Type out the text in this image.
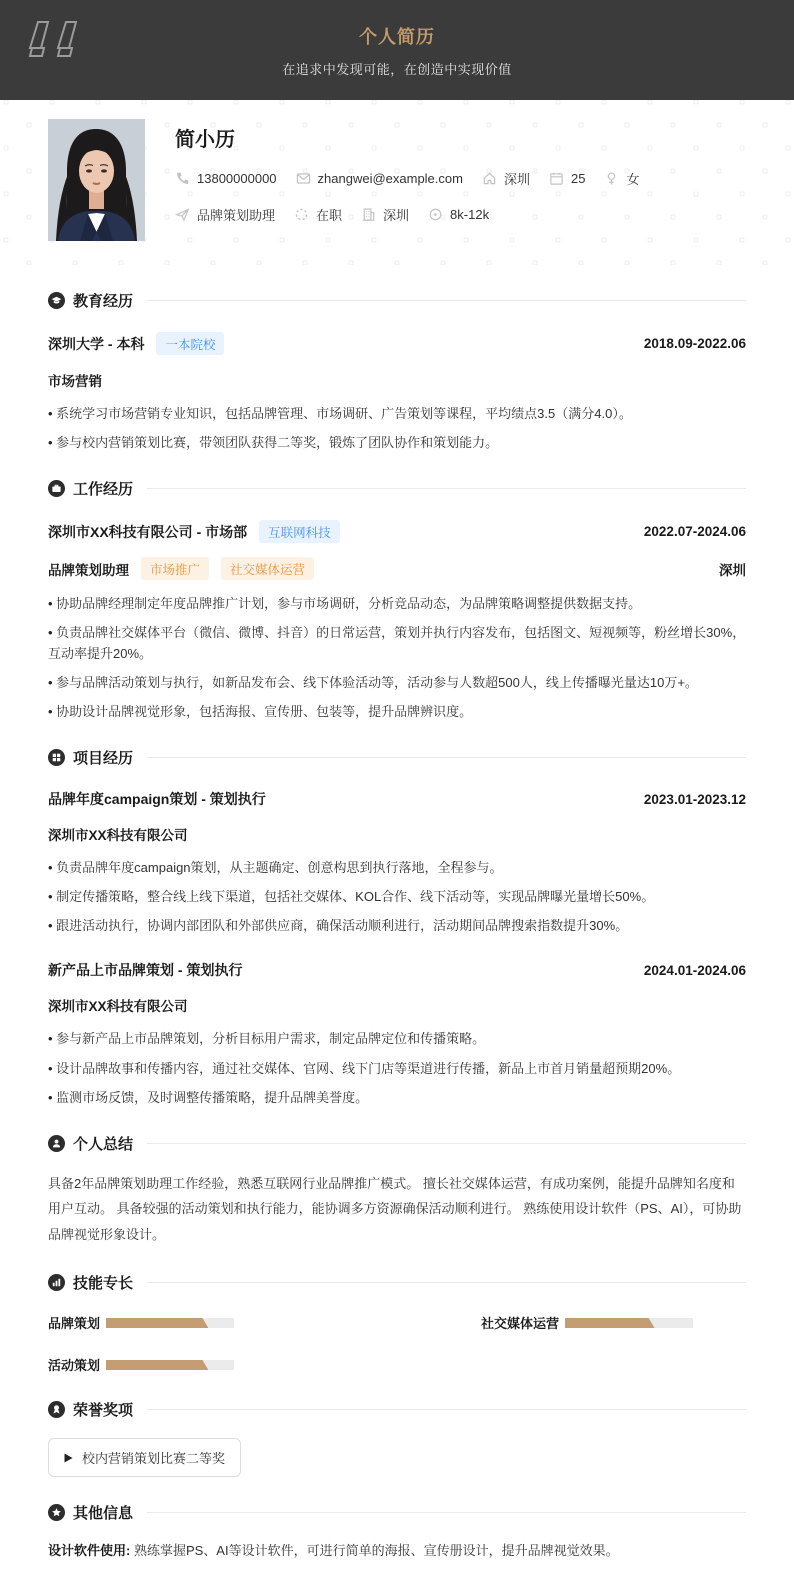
个人简历

在追求中发现可能，在创造中实现价值

简小历
13800000000	zhangwei@example.com	深圳	25	女
品牌策划助理	在职	深圳	8k-12k
教育经历
深圳大学 - 本科	一本院校	2018.09-2022.06
市场营销
• 系统学习市场营销专业知识，包括品牌管理、市场调研、广告策划等课程，平均绩点3.5（满分4.0）。
• 参与校内营销策划比赛，带领团队获得二等奖，锻炼了团队协作和策划能力。
工作经历
深圳市XX科技有限公司 - 市场部	互联网科技	2022.07-2024.06
品牌策划助理	市场推广	社交媒体运营	深圳
• 协助品牌经理制定年度品牌推广计划，参与市场调研，分析竞品动态，为品牌策略调整提供数据支持。
• 负责品牌社交媒体平台（微信、微博、抖音）的日常运营，策划并执行内容发布，包括图文、短视频等，粉丝增长30%，互动率提升20%。
• 参与品牌活动策划与执行，如新品发布会、线下体验活动等，活动参与人数超500人，线上传播曝光量达10万+。
• 协助设计品牌视觉形象，包括海报、宣传册、包装等，提升品牌辨识度。
项目经历
品牌年度campaign策划 - 策划执行	2023.01-2023.12
深圳市XX科技有限公司
• 负责品牌年度campaign策划，从主题确定、创意构思到执行落地，全程参与。
• 制定传播策略，整合线上线下渠道，包括社交媒体、KOL合作、线下活动等，实现品牌曝光量增长50%。
• 跟进活动执行，协调内部团队和外部供应商，确保活动顺利进行，活动期间品牌搜索指数提升30%。
新产品上市品牌策划 - 策划执行	2024.01-2024.06
深圳市XX科技有限公司
• 参与新产品上市品牌策划，分析目标用户需求，制定品牌定位和传播策略。
• 设计品牌故事和传播内容，通过社交媒体、官网、线下门店等渠道进行传播，新品上市首月销量超预期20%。
• 监测市场反馈，及时调整传播策略，提升品牌美誉度。
个人总结

具备2年品牌策划助理工作经验，熟悉互联网行业品牌推广模式。 擅长社交媒体运营，有成功案例，能提升品牌知名度和用户互动。 具备较强的活动策划和执行能力，能协调多方资源确保活动顺利进行。 熟练使用设计软件（PS、AI），可协助品牌视觉形象设计。

技能专长
品牌策划	社交媒体运营
活动策划
荣誉奖项
校内营销策划比赛二等奖
其他信息

设计软件使用: 熟练掌握PS、AI等设计软件，可进行简单的海报、宣传册设计，提升品牌视觉效果。
